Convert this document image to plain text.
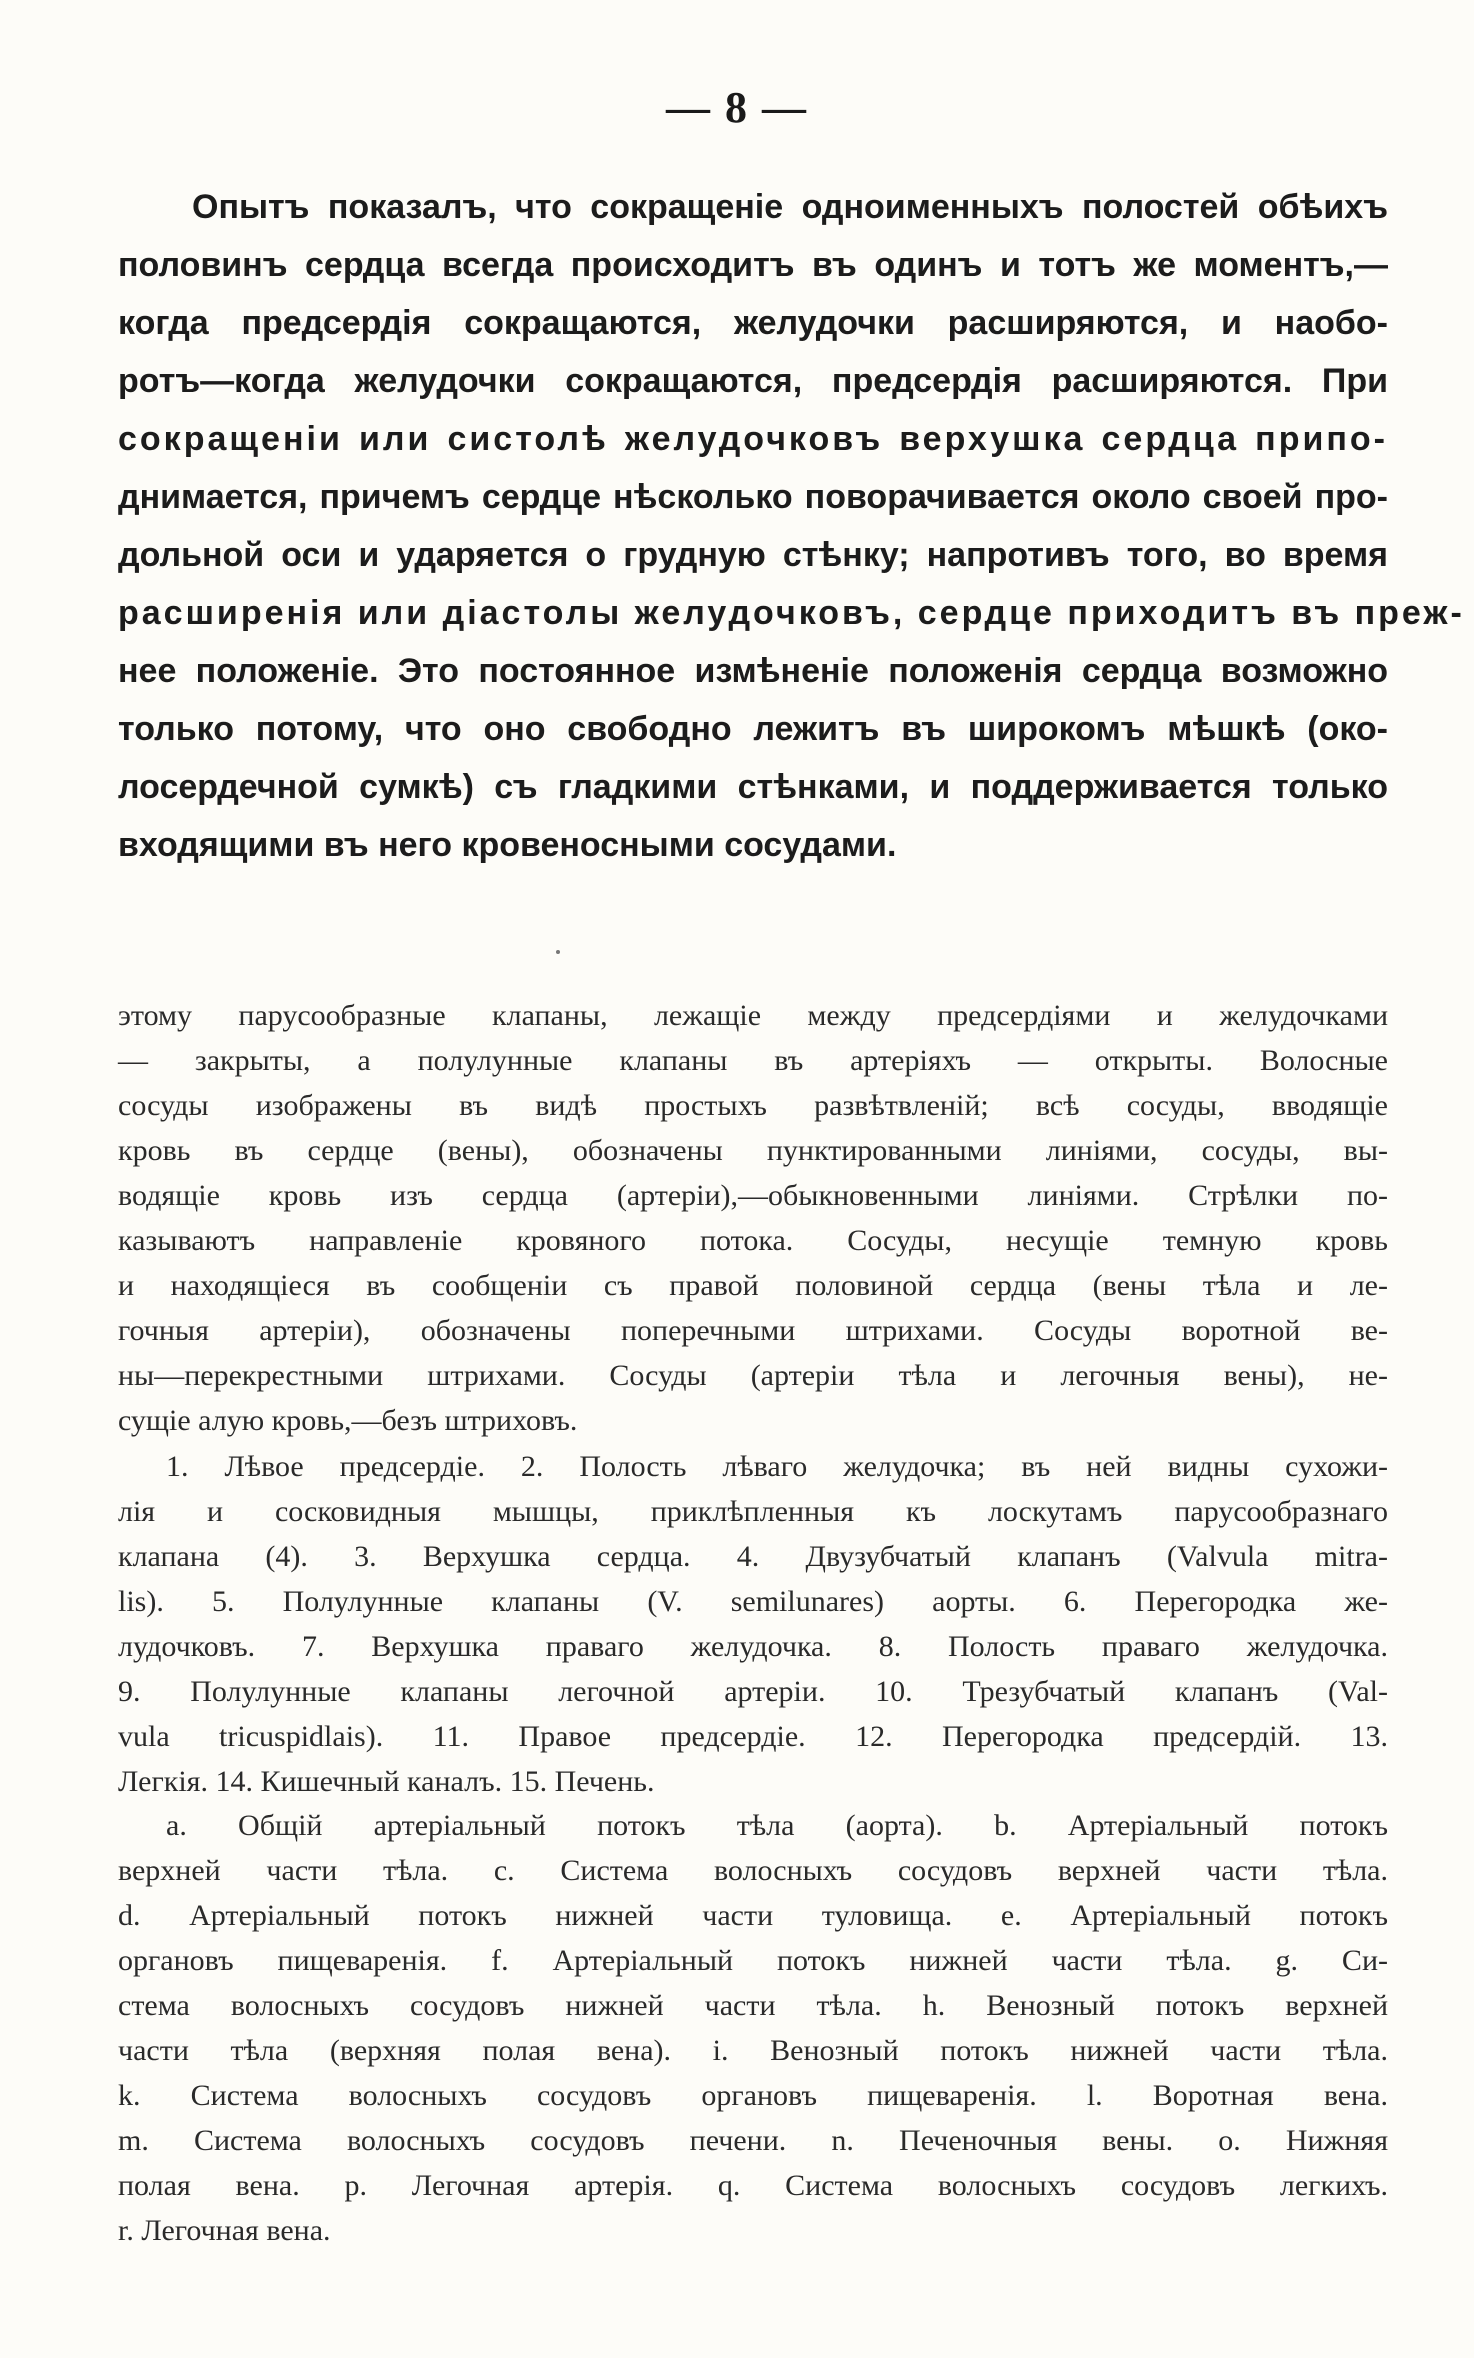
— 8 —
Опытъ показалъ, что сокращеніе одноименныхъ полостей обѣихъ
половинъ сердца всегда происходитъ въ одинъ и тотъ же моментъ,—
когда предсердія сокращаются, желудочки расширяются, и наобо-
ротъ—когда желудочки сокращаются, предсердія расширяются. При
сокращеніи или систолѣ желудочковъ верхушка сердца припо-
днимается, причемъ сердце нѣсколько поворачивается около своей про-
дольной оси и ударяется о грудную стѣнку; напротивъ того, во время
расширенія или діастолы желудочковъ, сердце приходитъ въ преж-
нее положеніе. Это постоянное измѣненіе положенія сердца возможно
только потому, что оно свободно лежитъ въ широкомъ мѣшкѣ (око-
лосердечной сумкѣ) съ гладкими стѣнками, и поддерживается только
входящими въ него кровеносными сосудами.
этому парусообразные клапаны, лежащіе между предсердіями и желудочками
— закрыты, а полулунные клапаны въ артеріяхъ — открыты. Волосные
сосуды изображены въ видѣ простыхъ развѣтвленій; всѣ сосуды, вводящіе
кровь въ сердце (вены), обозначены пунктированными линіями, сосуды, вы-
водящіе кровь изъ сердца (артеріи),—обыкновенными линіями. Стрѣлки по-
казываютъ направленіе кровяного потока. Сосуды, несущіе темную кровь
и находящіеся въ сообщеніи съ правой половиной сердца (вены тѣла и ле-
гочныя артеріи), обозначены поперечными штрихами. Сосуды воротной ве-
ны—перекрестными штрихами. Сосуды (артеріи тѣла и легочныя вены), не-
сущіе алую кровь,—безъ штриховъ.
1. Лѣвое предсердіе. 2. Полость лѣваго желудочка; въ ней видны сухожи-
лія и сосковидныя мышцы, приклѣпленныя къ лоскутамъ парусообразнаго
клапана (4). 3. Верхушка сердца. 4. Двузубчатый клапанъ (Valvula mitra-
lis). 5. Полулунные клапаны (V. semilunares) аорты. 6. Перегородка же-
лудочковъ. 7. Верхушка праваго желудочка. 8. Полость праваго желудочка.
9. Полулунные клапаны легочной артеріи. 10. Трезубчатый клапанъ (Val-
vula tricuspidlais). 11. Правое предсердіе. 12. Перегородка предсердій. 13.
Легкія. 14. Кишечный каналъ. 15. Печень.
a. Общій артеріальный потокъ тѣла (аорта). b. Артеріальный потокъ
верхней части тѣла. c. Система волосныхъ сосудовъ верхней части тѣла.
d. Артеріальный потокъ нижней части туловища. e. Артеріальный потокъ
органовъ пищеваренія. f. Артеріальный потокъ нижней части тѣла. g. Си-
стема волосныхъ сосудовъ нижней части тѣла. h. Венозный потокъ верхней
части тѣла (верхняя полая вена). i. Венозный потокъ нижней части тѣла.
k. Система волосныхъ сосудовъ органовъ пищеваренія. l. Воротная вена.
m. Система волосныхъ сосудовъ печени. n. Печеночныя вены. o. Нижняя
полая вена. p. Легочная артерія. q. Система волосныхъ сосудовъ легкихъ.
r. Легочная вена.
